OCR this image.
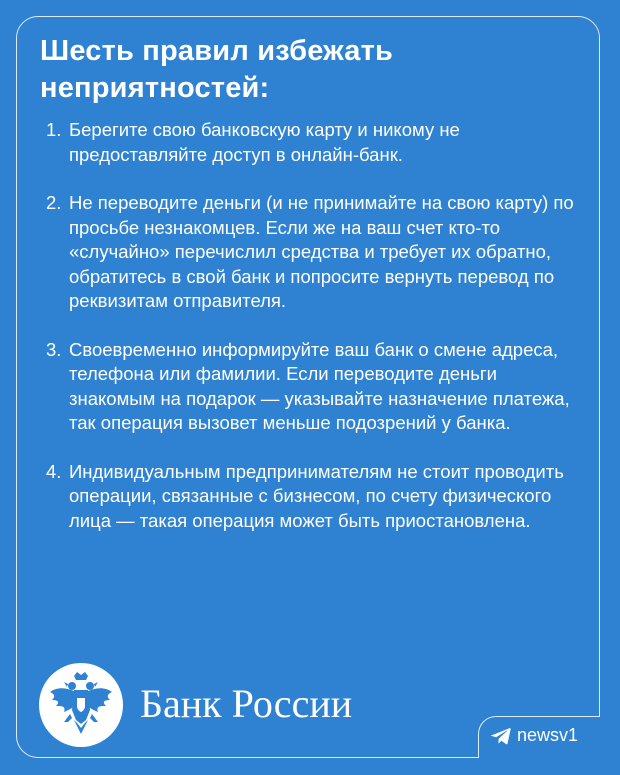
Шесть правил избежать неприятностей:
1. Берегите свою банковскую карту и никому не предоставляйте доступ в онлайн-банк.
2. Не переводите деньги (и не принимайте на свою карту) по просьбе незнакомцев. Если же на ваш счет кто-то «случайно» перечислил средства и требует их обратно, обратитесь в свой банк и попросите вернуть перевод по реквизитам отправителя.
3. Своевременно информируйте ваш банк о смене адреса, телефона или фамилии. Если переводите деньги знакомым на подарок — указывайте назначение платежа, так операция вызовет меньше подозрений у банка.
4. Индивидуальным предпринимателям не стоит проводить операции, связанные с бизнесом, по счету физического лица — такая операция может быть приостановлена.
Банк России
newsv1
